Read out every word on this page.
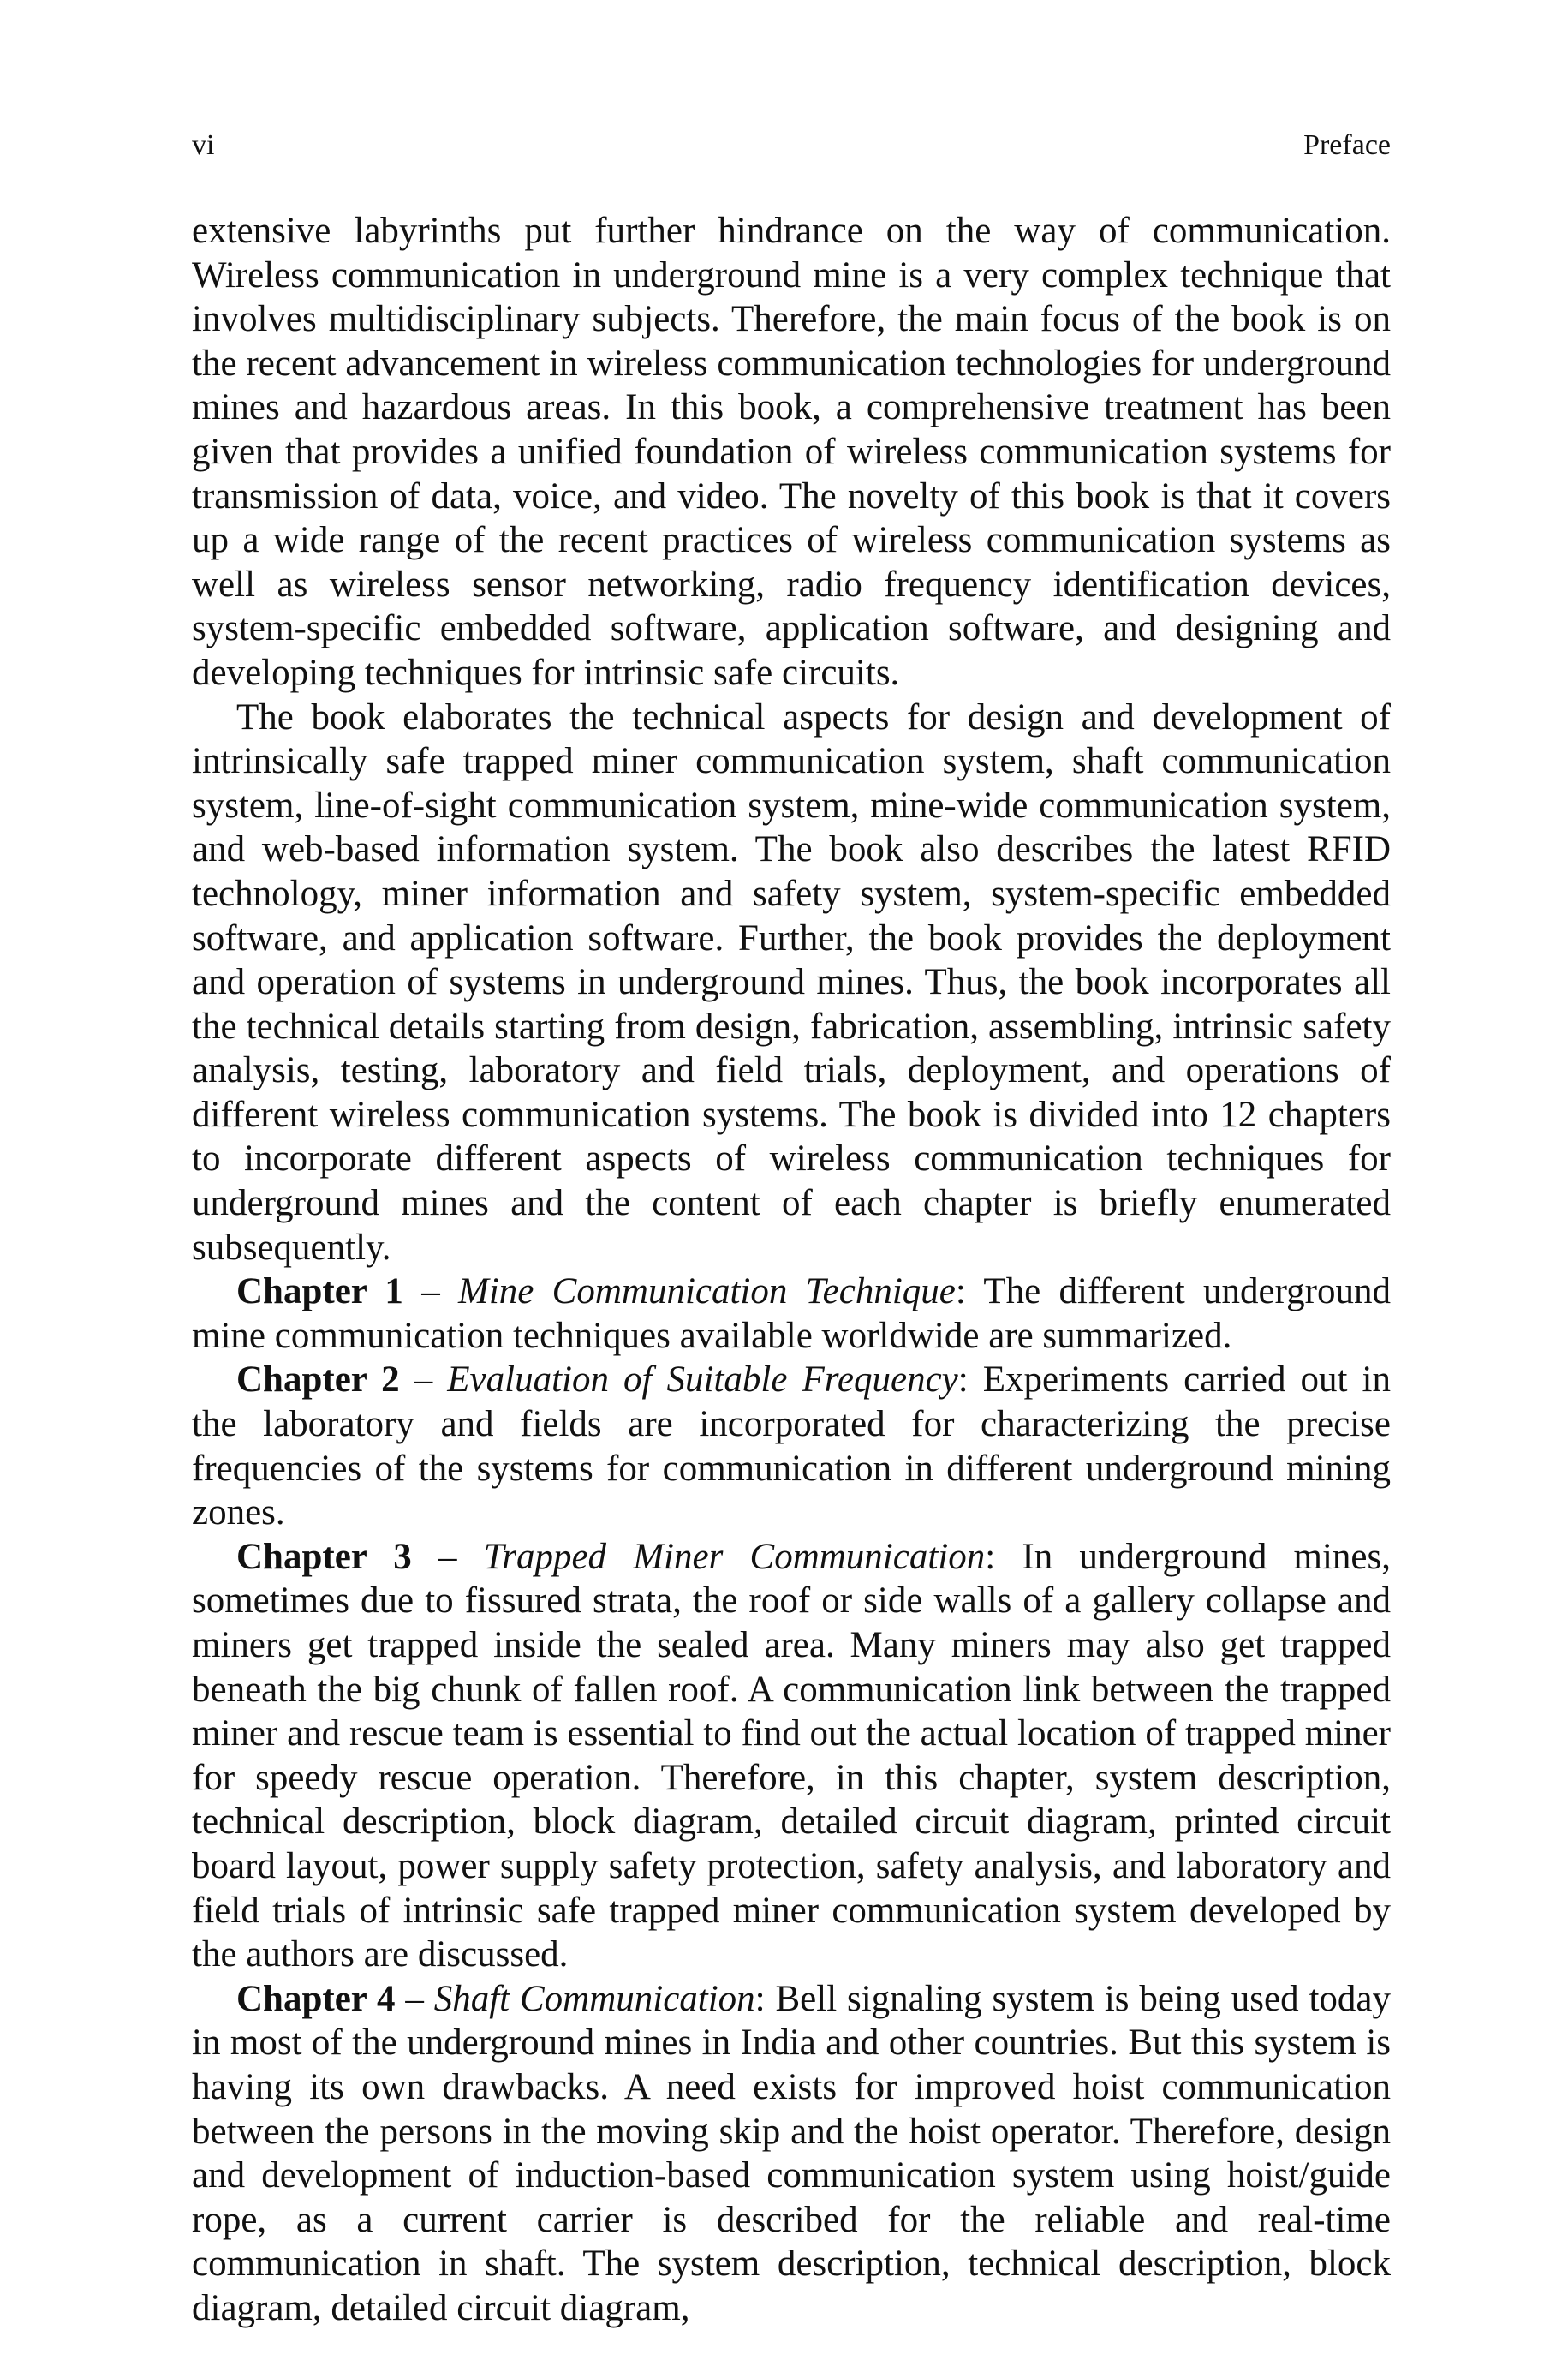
vi	Preface

extensive labyrinths put further hindrance on the way of communication. Wireless communication in underground mine is a very complex technique that involves multidisciplinary subjects. Therefore, the main focus of the book is on the recent advancement in wireless communication technologies for underground mines and hazardous areas. In this book, a comprehensive treatment has been given that provides a unified foundation of wireless communication systems for transmission of data, voice, and video. The novelty of this book is that it covers up a wide range of the recent practices of wireless communication systems as well as wireless sensor networking, radio frequency identification devices, system-specific embedded software, application software, and designing and developing techniques for intrinsic safe circuits.

The book elaborates the technical aspects for design and development of intrinsically safe trapped miner communication system, shaft communication system, line-of-sight communication system, mine-wide communication system, and web-based information system. The book also describes the latest RFID technology, miner information and safety system, system-specific embedded software, and application software. Further, the book provides the deployment and operation of systems in underground mines. Thus, the book incorporates all the technical details starting from design, fabrication, assembling, intrinsic safety analysis, testing, laboratory and field trials, deployment, and operations of different wireless communication systems. The book is divided into 12 chapters to incorporate different aspects of wireless communication techniques for underground mines and the content of each chapter is briefly enumerated subsequently.

Chapter 1 – Mine Communication Technique: The different underground mine communication techniques available worldwide are summarized.

Chapter 2 – Evaluation of Suitable Frequency: Experiments carried out in the laboratory and fields are incorporated for characterizing the precise frequencies of the systems for communication in different underground mining zones.

Chapter 3 – Trapped Miner Communication: In underground mines, sometimes due to fissured strata, the roof or side walls of a gallery collapse and miners get trapped inside the sealed area. Many miners may also get trapped beneath the big chunk of fallen roof. A communication link between the trapped miner and rescue team is essential to find out the actual location of trapped miner for speedy rescue operation. Therefore, in this chapter, system description, technical description, block diagram, detailed circuit diagram, printed circuit board layout, power supply safety protection, safety analysis, and laboratory and field trials of intrinsic safe trapped miner communication system developed by the authors are discussed.

Chapter 4 – Shaft Communication: Bell signaling system is being used today in most of the underground mines in India and other countries. But this system is having its own drawbacks. A need exists for improved hoist communication between the persons in the moving skip and the hoist operator. Therefore, design and development of induction-based communication system using hoist/guide rope, as a current carrier is described for the reliable and real-time communication in shaft. The system description, technical description, block diagram, detailed circuit diagram,
